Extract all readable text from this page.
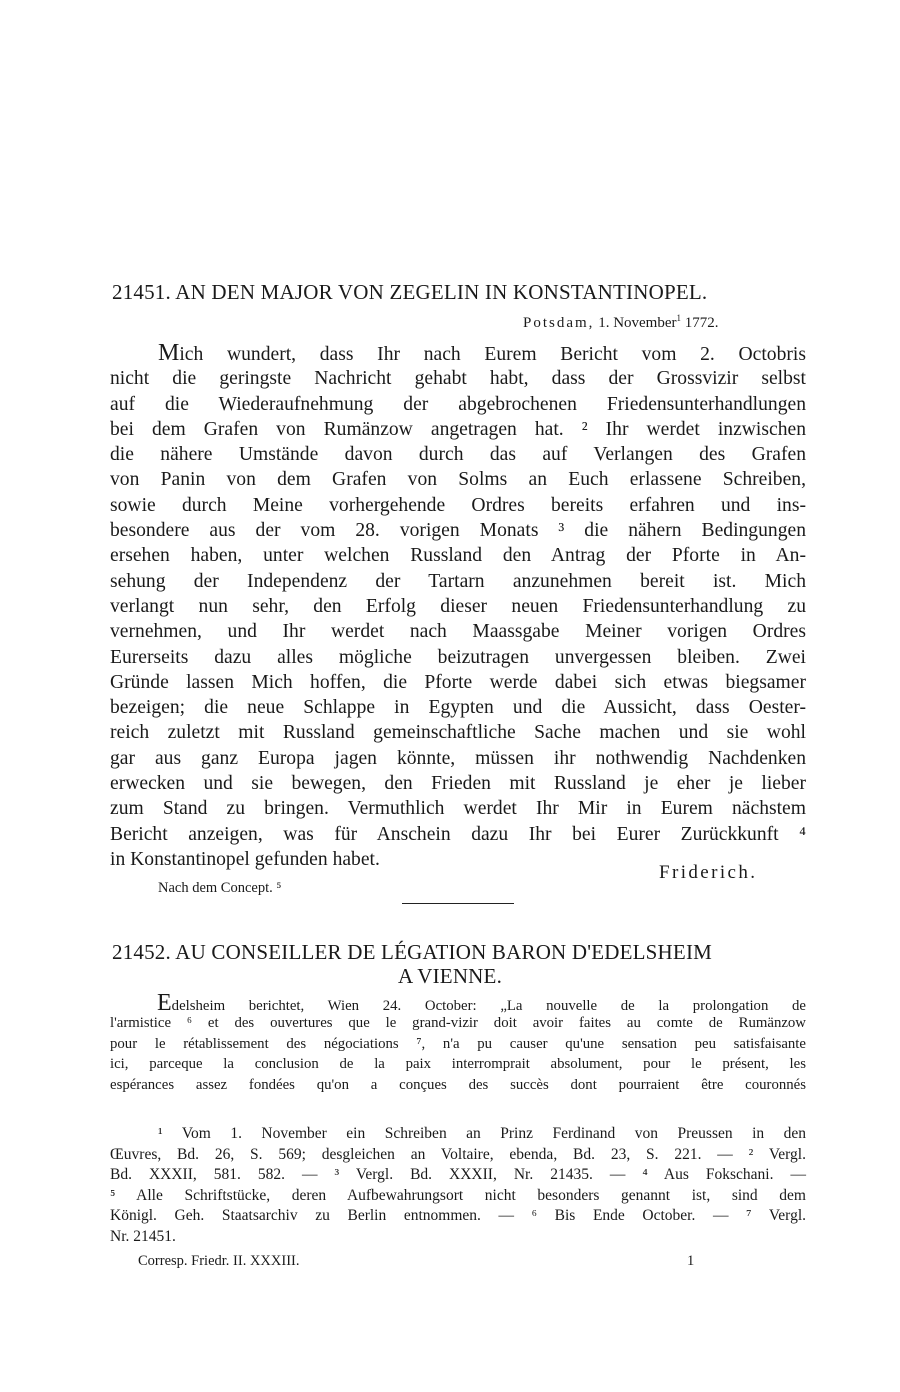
21451. AN DEN MAJOR VON ZEGELIN IN KONSTANTINOPEL.
Potsdam, 1. November$^1$ 1772.
Mich wundert, dass Ihr nach Eurem Bericht vom 2. Octobris
nicht die geringste Nachricht gehabt habt, dass der Grossvizir selbst
auf die Wiederaufnehmung der abgebrochenen Friedensunterhandlungen
bei dem Grafen von Rumänzow angetragen hat. ² Ihr werdet inzwischen
die nähere Umstände davon durch das auf Verlangen des Grafen
von Panin von dem Grafen von Solms an Euch erlassene Schreiben,
sowie durch Meine vorhergehende Ordres bereits erfahren und ins-
besondere aus der vom 28. vorigen Monats ³ die nähern Bedingungen
ersehen haben, unter welchen Russland den Antrag der Pforte in An-
sehung der Independenz der Tartarn anzunehmen bereit ist. Mich
verlangt nun sehr, den Erfolg dieser neuen Friedensunterhandlung zu
vernehmen, und Ihr werdet nach Maassgabe Meiner vorigen Ordres
Eurerseits dazu alles mögliche beizutragen unvergessen bleiben. Zwei
Gründe lassen Mich hoffen, die Pforte werde dabei sich etwas biegsamer
bezeigen; die neue Schlappe in Egypten und die Aussicht, dass Oester-
reich zuletzt mit Russland gemeinschaftliche Sache machen und sie wohl
gar aus ganz Europa jagen könnte, müssen ihr nothwendig Nachdenken
erwecken und sie bewegen, den Frieden mit Russland je eher je lieber
zum Stand zu bringen. Vermuthlich werdet Ihr Mir in Eurem nächstem
Bericht anzeigen, was für Anschein dazu Ihr bei Eurer Zurückkunft ⁴
in Konstantinopel gefunden habet.
Friderich.
Nach dem Concept. ⁵
21452. AU CONSEILLER DE LÉGATION BARON D'EDELSHEIM
A VIENNE.
Edelsheim berichtet, Wien 24. October: „La nouvelle de la prolongation de
l'armistice ⁶ et des ouvertures que le grand-vizir doit avoir faites au comte de Rumänzow
pour le rétablissement des négociations ⁷, n'a pu causer qu'une sensation peu satisfaisante
ici, parceque la conclusion de la paix interromprait absolument, pour le présent, les
espérances assez fondées qu'on a conçues des succès dont pourraient être couronnés
¹ Vom 1. November ein Schreiben an Prinz Ferdinand von Preussen in den
Œuvres, Bd. 26, S. 569; desgleichen an Voltaire, ebenda, Bd. 23, S. 221. — ² Vergl.
Bd. XXXII, 581. 582. — ³ Vergl. Bd. XXXII, Nr. 21435. — ⁴ Aus Fokschani. —
⁵ Alle Schriftstücke, deren Aufbewahrungsort nicht besonders genannt ist, sind dem
Königl. Geh. Staatsarchiv zu Berlin entnommen. — ⁶ Bis Ende October. — ⁷ Vergl.
Nr. 21451.
Corresp. Friedr. II. XXXIII.	1
